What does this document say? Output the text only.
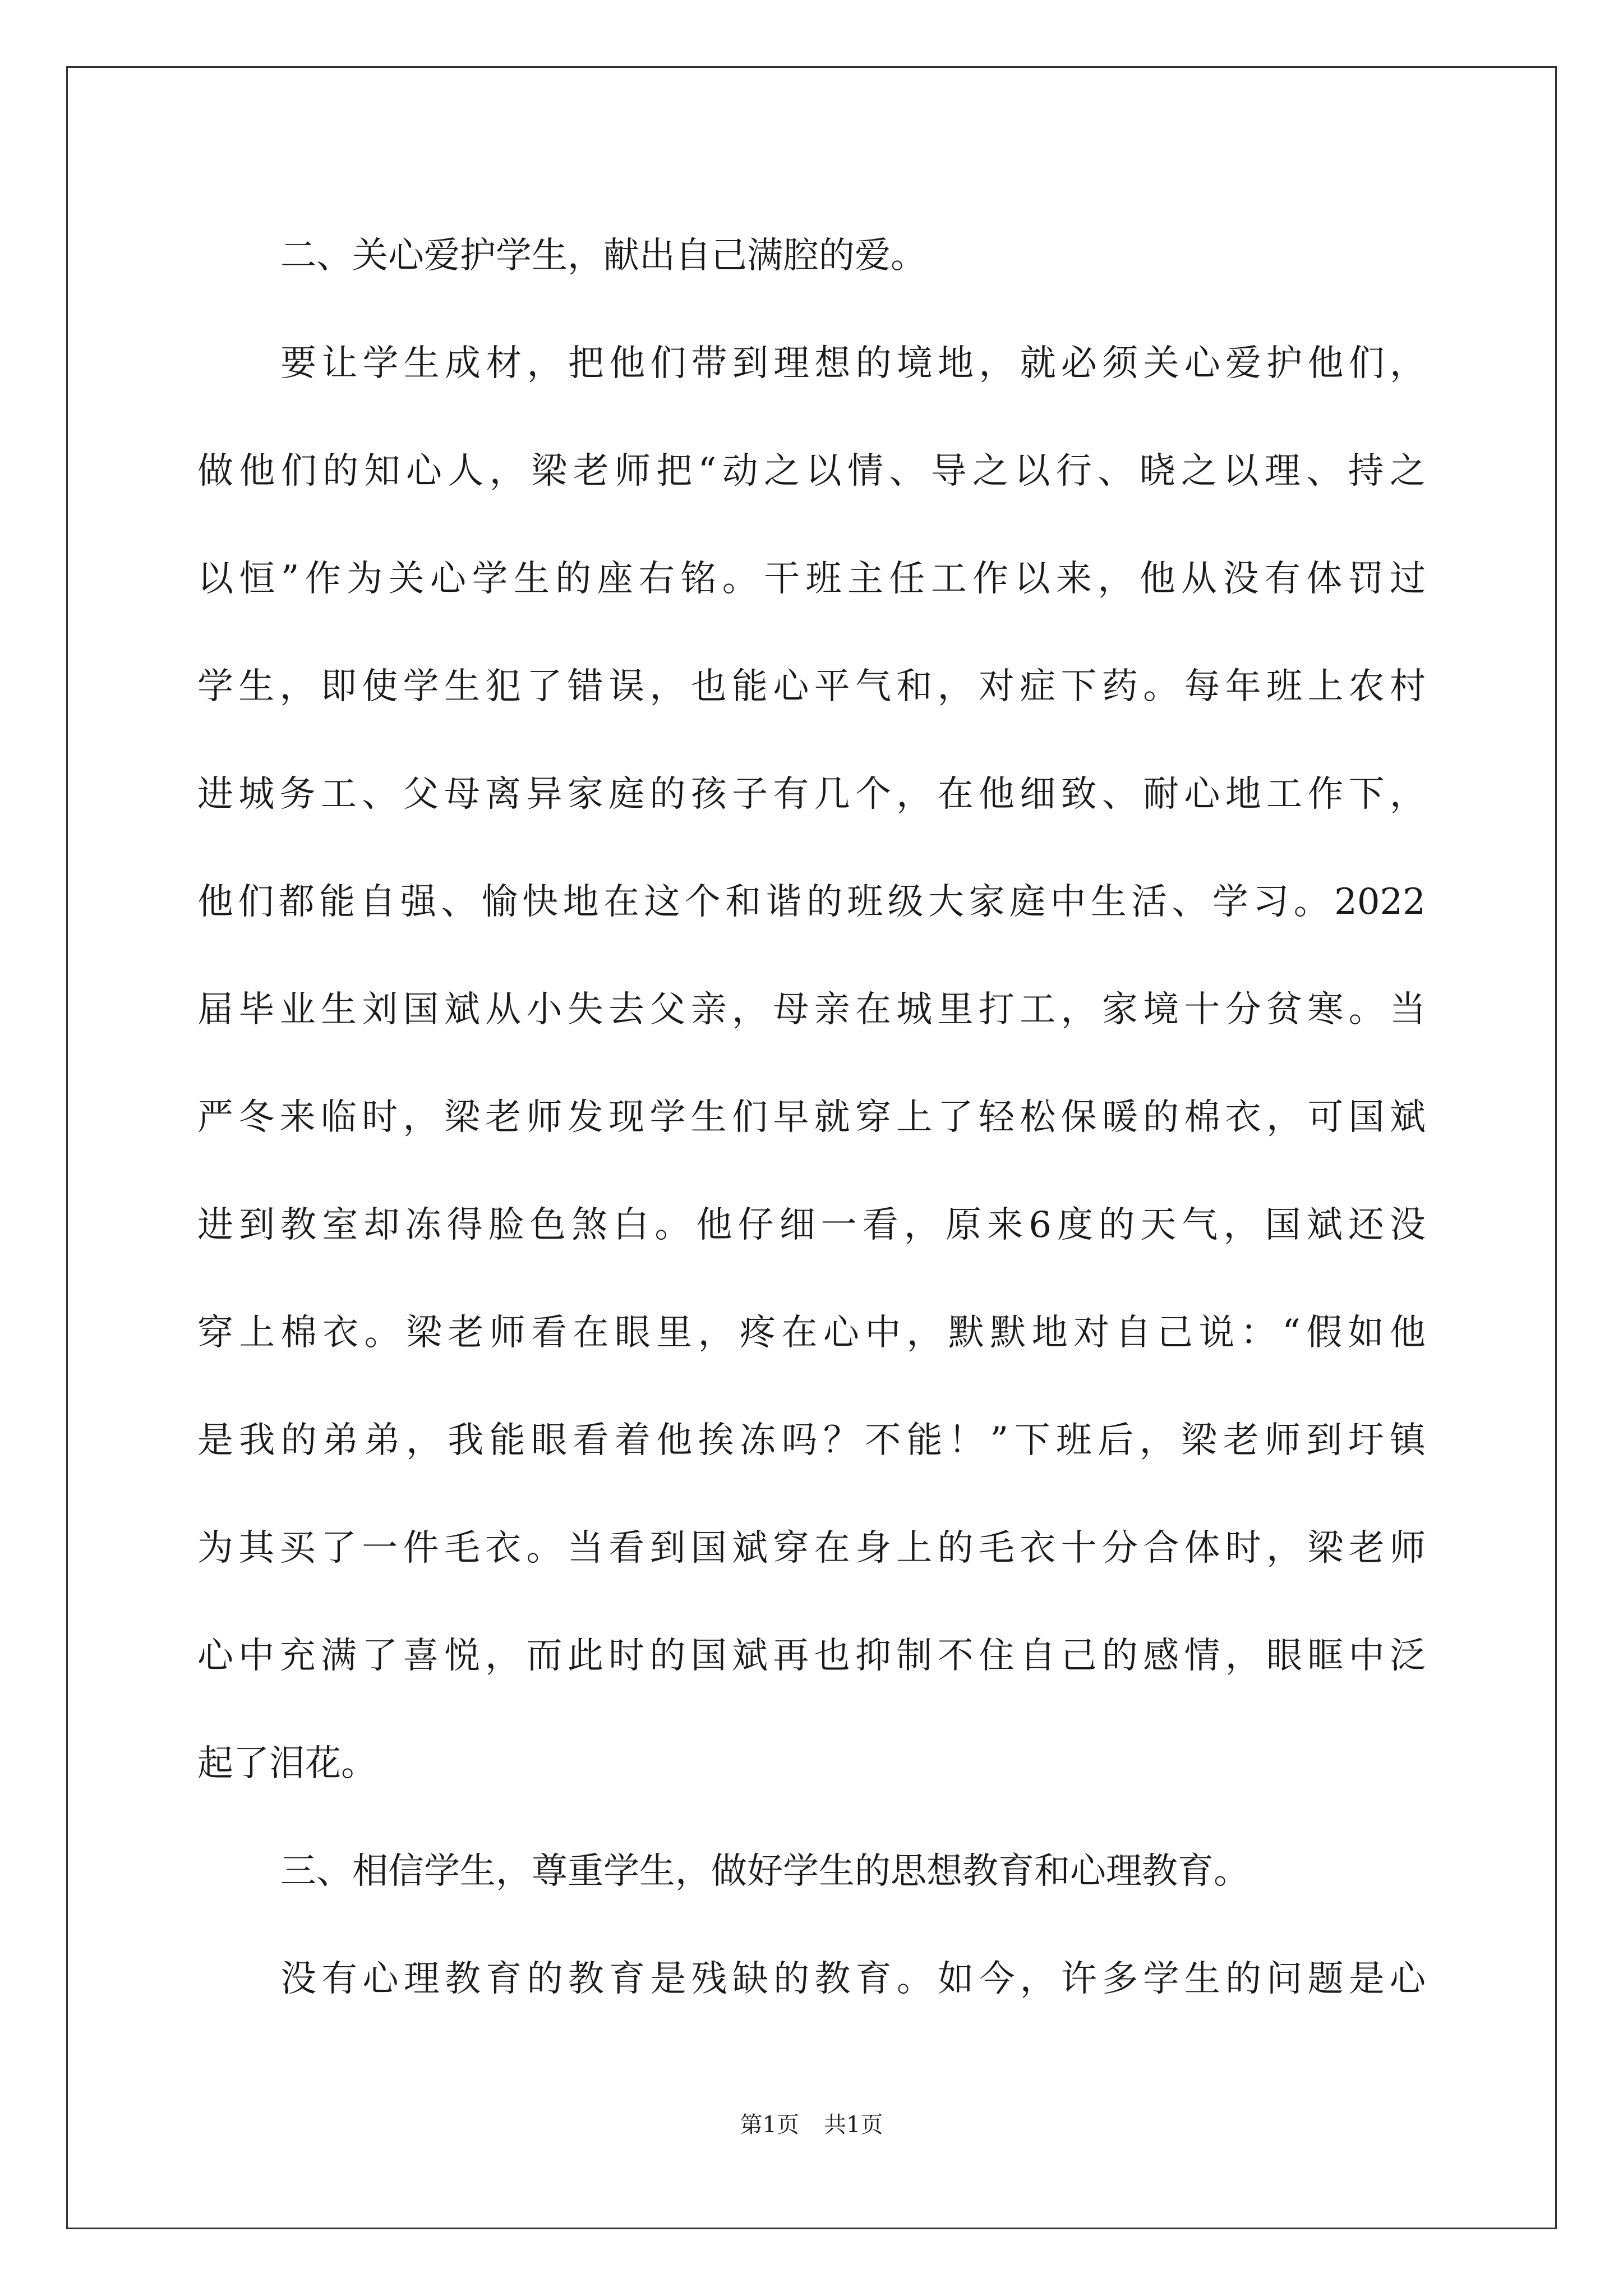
二、关心爱护学生，献出自己满腔的爱。
要让学生成材，把他们带到理想的境地，就必须关心爱护他们，
做他们的知心人，梁老师把“动之以情、导之以行、晓之以理、持之
以恒”作为关心学生的座右铭。干班主任工作以来，他从没有体罚过
学生，即使学生犯了错误，也能心平气和，对症下药。每年班上农村
进城务工、父母离异家庭的孩子有几个，在他细致、耐心地工作下，
他们都能自强、愉快地在这个和谐的班级大家庭中生活、学习。2022
届毕业生刘国斌从小失去父亲，母亲在城里打工，家境十分贫寒。当
严冬来临时，梁老师发现学生们早就穿上了轻松保暖的棉衣，可国斌
进到教室却冻得脸色煞白。他仔细一看，原来6度的天气，国斌还没
穿上棉衣。梁老师看在眼里，疼在心中，默默地对自己说：“假如他
是我的弟弟，我能眼看着他挨冻吗？不能！”下班后，梁老师到圩镇
为其买了一件毛衣。当看到国斌穿在身上的毛衣十分合体时，梁老师
心中充满了喜悦，而此时的国斌再也抑制不住自己的感情，眼眶中泛
起了泪花。
三、相信学生，尊重学生，做好学生的思想教育和心理教育。
没有心理教育的教育是残缺的教育。如今，许多学生的问题是心
第1页 共1页
